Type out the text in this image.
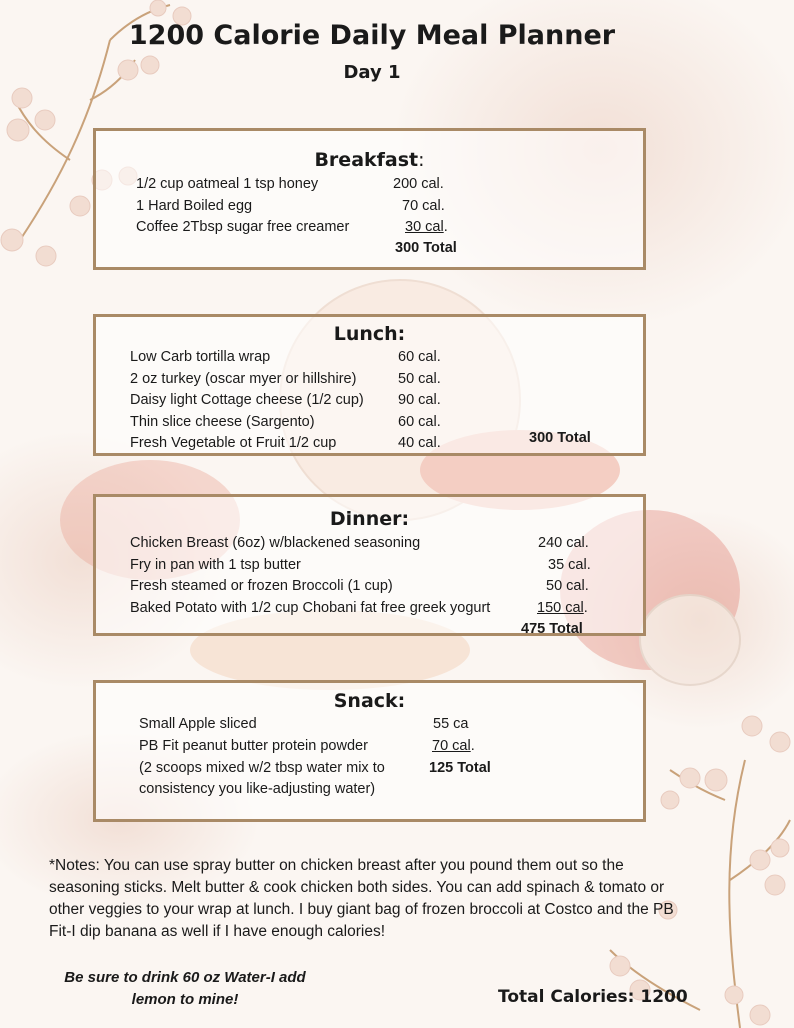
1200 Calorie Daily Meal Planner
Day 1
Breakfast:
1/2 cup oatmeal 1 tsp honey	200 cal.
1 Hard Boiled egg	70 cal.
Coffee 2Tbsp sugar free creamer	30 cal.
300 Total
Lunch:
Low Carb tortilla wrap	60 cal.
2 oz turkey (oscar myer or hillshire)	50 cal.
Daisy light Cottage cheese (1/2 cup) 90 cal.
Thin slice cheese (Sargento)	60 cal.
Fresh Vegetable ot Fruit 1/2 cup	40 cal.	300 Total
Dinner:
Chicken Breast (6oz) w/blackened seasoning	240 cal.
Fry in pan with 1 tsp butter	35 cal.
Fresh steamed or frozen Broccoli (1 cup)	50 cal.
Baked Potato with 1/2 cup Chobani fat free greek yogurt	150 cal.
475 Total
Snack:
Small Apple sliced	55 ca
PB Fit peanut butter protein powder	70 cal.
(2 scoops mixed w/2 tbsp water mix to	125 Total
consistency you like-adjusting water)
*Notes: You can use spray butter on chicken breast after you pound them out so the seasoning sticks. Melt butter & cook chicken both sides. You can add spinach & tomato or other veggies to your wrap at lunch. I buy giant bag of frozen broccoli at Costco and the PB Fit-I dip banana as well if I have enough calories!
Be sure to drink 60 oz Water-I add
lemon to mine!	Total Calories: 1200
